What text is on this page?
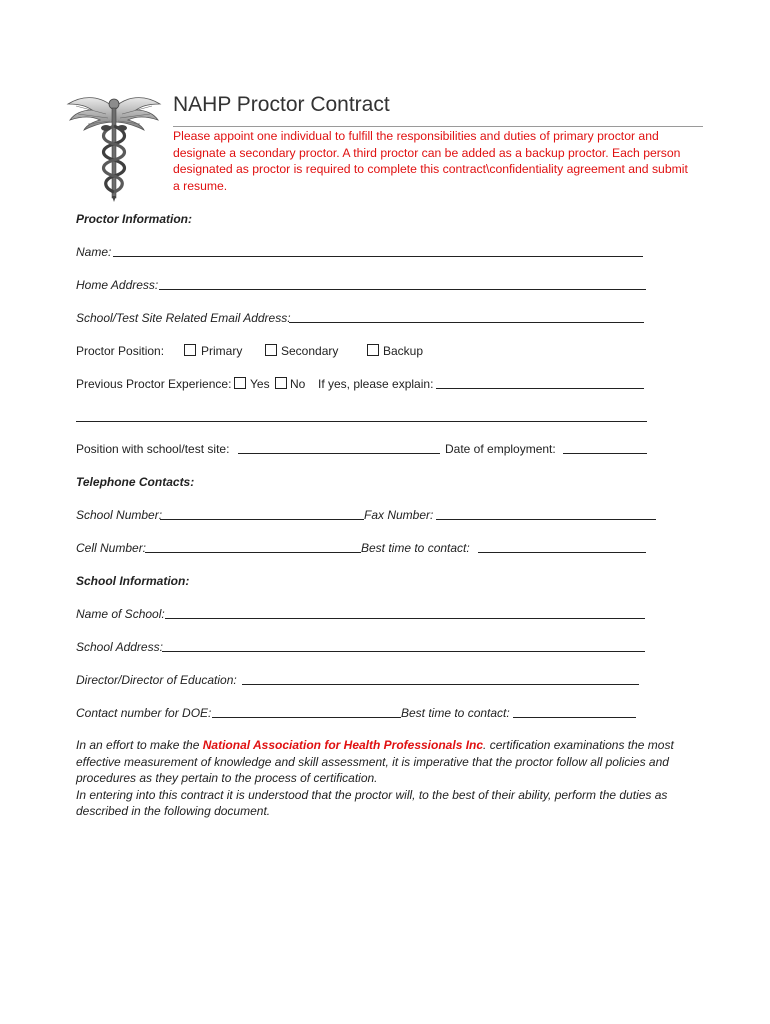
NAHP Proctor Contract
Please appoint one individual to fulfill the responsibilities and duties of primary proctor and designate a secondary proctor. A third proctor can be added as a backup proctor. Each person designated as proctor is required to complete this contract\confidentiality agreement and submit a resume.
Proctor Information:
Name:
Home Address:
School/Test Site Related Email Address:
Proctor Position:	Primary	Secondary	Backup
Previous Proctor Experience: Yes No If yes, please explain:
Position with school/test site:	Date of employment:
Telephone Contacts:
School Number:	Fax Number:
Cell Number:	Best time to contact:
School Information:
Name of School:
School Address:
Director/Director of Education:
Contact number for DOE:	Best time to contact:
In an effort to make the National Association for Health Professionals Inc. certification examinations the most effective measurement of knowledge and skill assessment, it is imperative that the proctor follow all policies and procedures as they pertain to the process of certification.
In entering into this contract it is understood that the proctor will, to the best of their ability, perform the duties as described in the following document.
